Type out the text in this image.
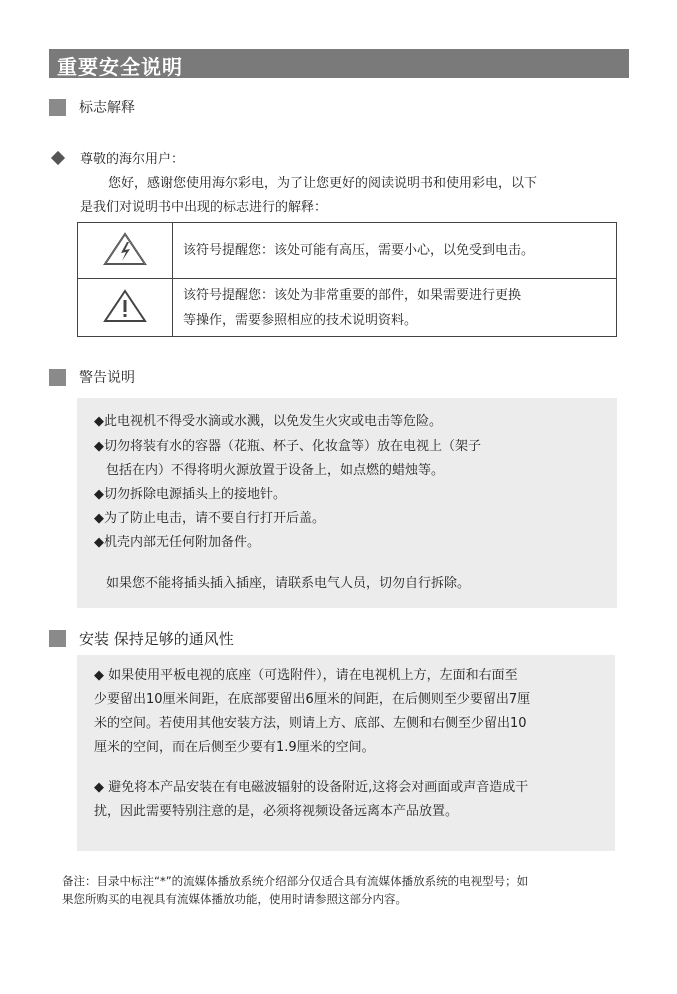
重要安全说明
标志解释
尊敬的海尔用户：
您好，感谢您使用海尔彩电，为了让您更好的阅读说明书和使用彩电，以下
是我们对说明书中出现的标志进行的解释：
	该符号提醒您：该处可能有高压，需要小心，以免受到电击。

该符号提醒您：该处为非常重要的部件，如果需要进行更换
等操作，需要参照相应的技术说明资料。
警告说明
◆此电视机不得受水滴或水溅，以免发生火灾或电击等危险。
◆切勿将装有水的容器（花瓶、杯子、化妆盒等）放在电视上（架子
包括在内）不得将明火源放置于设备上，如点燃的蜡烛等。
◆切勿拆除电源插头上的接地针。
◆为了防止电击，请不要自行打开后盖。
◆机壳内部无任何附加备件。
如果您不能将插头插入插座，请联系电气人员，切勿自行拆除。
安装 保持足够的通风性
◆ 如果使用平板电视的底座（可选附件），请在电视机上方，左面和右面至
少要留出10厘米间距，在底部要留出6厘米的间距，在后侧则至少要留出7厘
米的空间。若使用其他安装方法，则请上方、底部、左侧和右侧至少留出10
厘米的空间，而在后侧至少要有1.9厘米的空间。
◆ 避免将本产品安装在有电磁波辐射的设备附近,这将会对画面或声音造成干
扰，因此需要特别注意的是，必须将视频设备远离本产品放置。
备注：目录中标注“*”的流媒体播放系统介绍部分仅适合具有流媒体播放系统的电视型号；如
果您所购买的电视具有流媒体播放功能，使用时请参照这部分内容。
